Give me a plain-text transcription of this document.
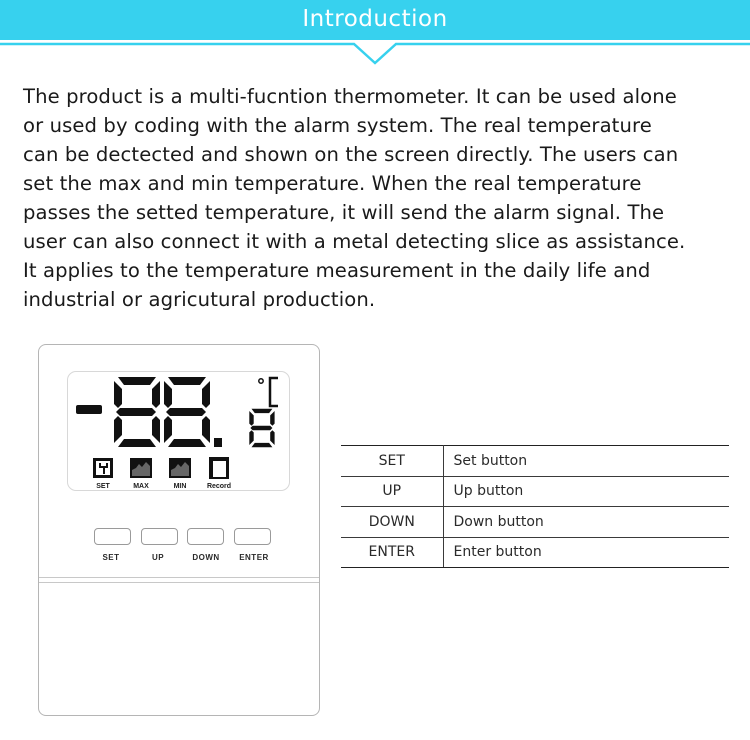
Introduction
The product is a multi-fucntion thermometer. It can be used alone
or used by coding with the alarm system. The real temperature
can be dectected and shown on the screen directly. The users can
set the max and min temperature. When the real temperature
passes the setted temperature, it will send the alarm signal. The
user can also connect it with a metal detecting slice as assistance.
It applies to the temperature measurement in the daily life and
industrial or agricutural production.
SET	MAX	MIN	Record
SET	UP	DOWN	ENTER
SET	Set button
UP	Up button
DOWN	Down button
ENTER	Enter button
